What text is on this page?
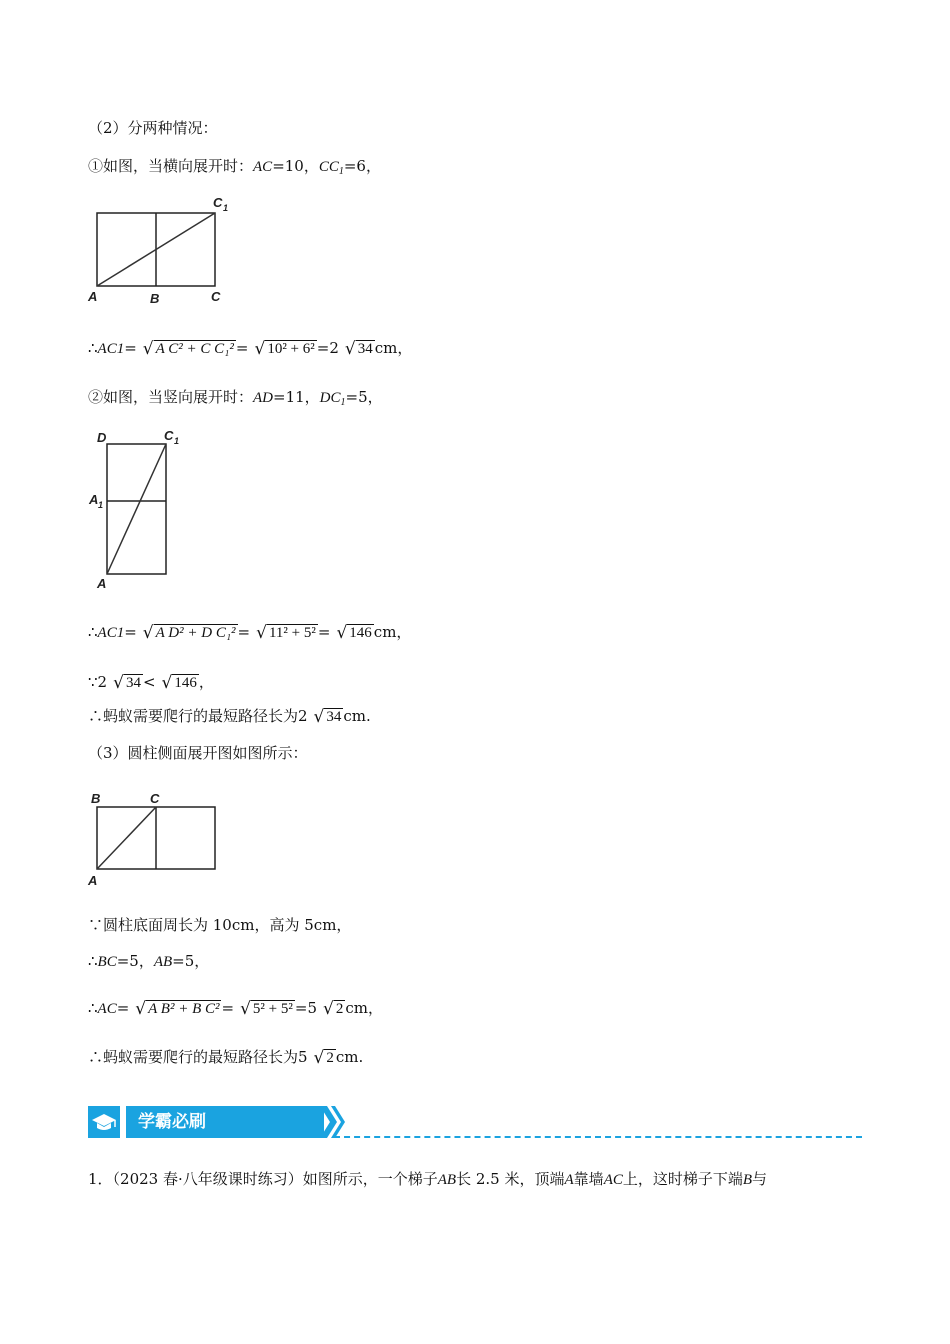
（2）分两种情况：
①如图，当横向展开时：AC=10，$CC_1=6$，
C 1
A	B	C
∴AC1= √ A C² + C C₁² = √ 10² + 6² =2 √ 34 cm，
②如图，当竖向展开时：AD=11，$DC_1=5$，
D	C 1
A 1
A
∴AC1= √ A D² + D C₁² = √ 11² + 5² = √ 146 cm，
∵2 √ 34 < √ 146 ，
∴蚂蚁需要爬行的最短路径长为2 √ 34 cm.
（3）圆柱侧面展开图如图所示：
B	C
A
∵圆柱底面周长为 10cm，高为 5cm，
∴BC=5，AB=5，
∴AC= √ A B² + B C² = √ 5² + 5² =5 √ 2 cm，
∴蚂蚁需要爬行的最短路径长为5 √ 2 cm.
学霸必刷
1．（2023 春·八年级课时练习）如图所示，一个梯子AB长 2.5 米，顶端A靠墙AC上，这时梯子下端B与
